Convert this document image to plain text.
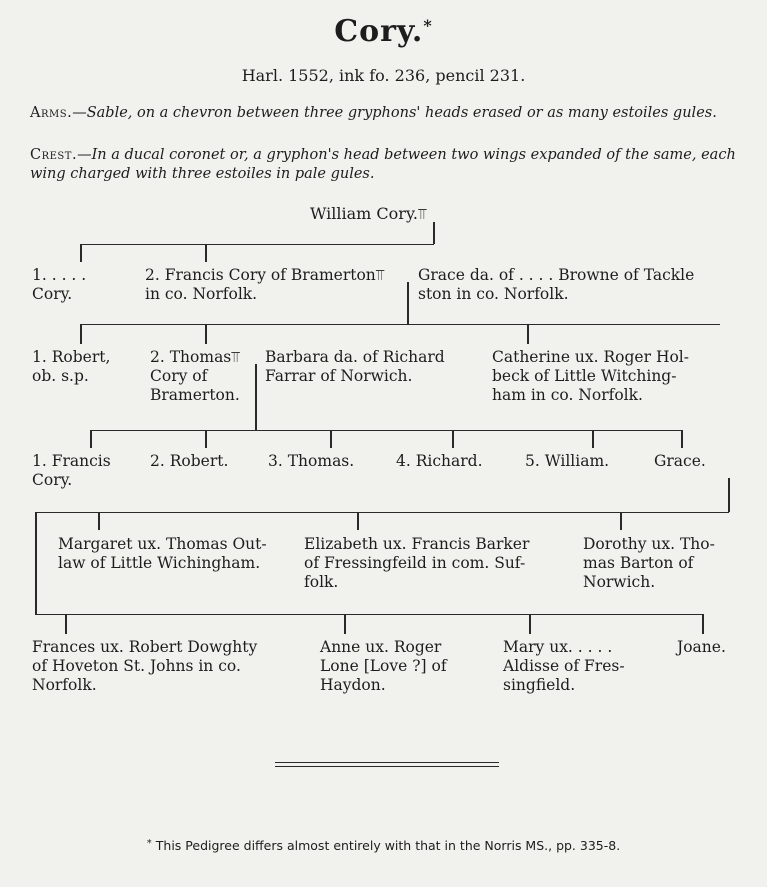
Cory.*
Harl. 1552, ink fo. 236, pencil 231.
Arms.—Sable, on a chevron between three gryphons' heads erased or as many estoiles gules.
Crest.—In a ducal coronet or, a gryphon's head between two wings expanded of the same, each wing charged with three estoiles in pale gules.
William Cory.⫪
1. . . . .
Cory.
2. Francis Cory of Bramerton⫪
in co. Norfolk.
Grace da. of . . . . Browne of Tackle
ston in co. Norfolk.
1. Robert,
ob. s.p.
2. Thomas⫪
Cory of
Bramerton.
Barbara da. of Richard
Farrar of Norwich.
Catherine ux. Roger Hol-
beck of Little Witching-
ham in co. Norfolk.
1. Francis
Cory.
2. Robert.	3. Thomas.	4. Richard.	5. William.	Grace.
Margaret ux. Thomas Out-
law of Little Wichingham.
Elizabeth ux. Francis Barker
of Fressingfeild in com. Suf-
folk.
Dorothy ux. Tho-
mas Barton of
Norwich.
Frances ux. Robert Dowghty
of Hoveton St. Johns in co.
Norfolk.
Anne ux. Roger
Lone [Love ?] of
Haydon.
Mary ux. . . . .
Aldisse of Fres-
singfield.
Joane.
* This Pedigree differs almost entirely with that in the Norris MS., pp. 335-8.
